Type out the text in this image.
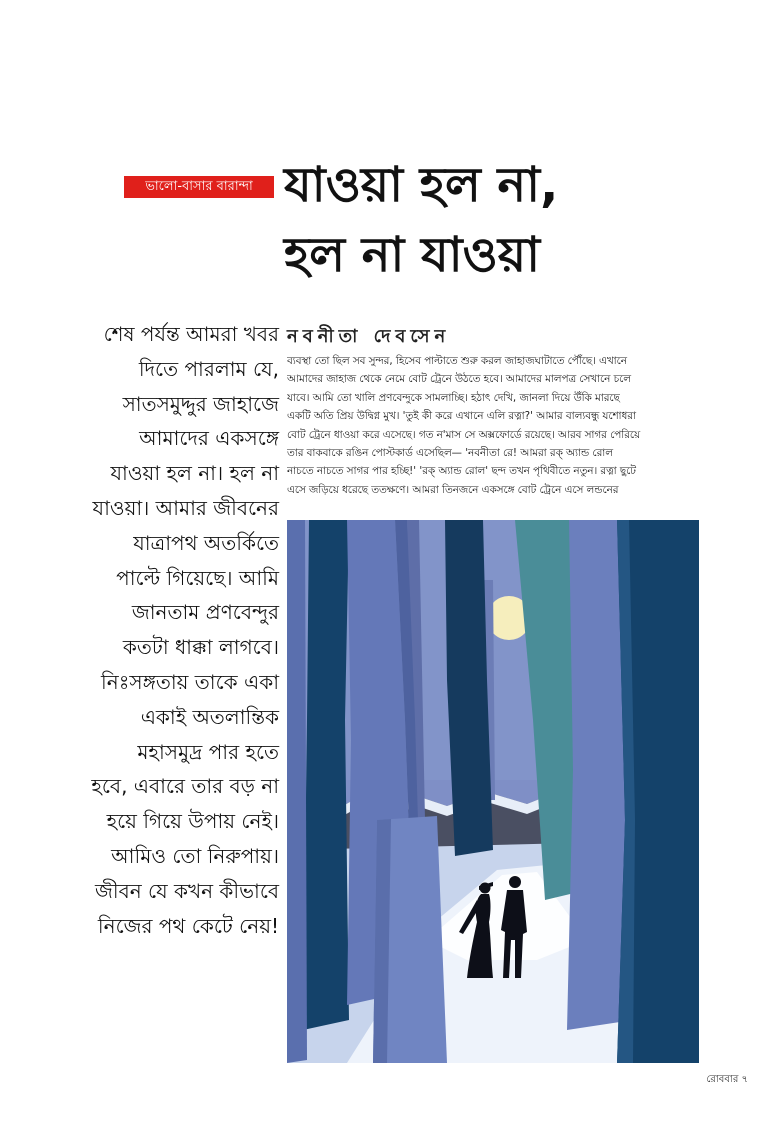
ভালো-বাসার বারান্দা যাওয়া হল না,
হল না যাওয়া
নবনীতা দেবসেন
শেষ পর্যন্ত আমরা খবর
দিতে পারলাম যে,
সাতসমুদ্দুর জাহাজে
আমাদের একসঙ্গে
যাওয়া হল না। হল না
যাওয়া। আমার জীবনের
যাত্রাপথ অতর্কিতে
পাল্টে গিয়েছে। আমি
জানতাম প্রণবেন্দুর
কতটা ধাক্কা লাগবে।
নিঃসঙ্গতায় তাকে একা
একাই অতলান্তিক
মহাসমুদ্র পার হতে
হবে, এবারে তার বড় না
হয়ে গিয়ে উপায় নেই।
আমিও তো নিরুপায়।
জীবন যে কখন কীভাবে
নিজের পথ কেটে নেয়!
ব্যবস্থা তো ছিল সব সুন্দর, হিসেব পাল্টাতে শুরু করল জাহাজঘাটাতে পৌঁছে। এখানে
আমাদের জাহাজ থেকে নেমে বোট ট্রেনে উঠতে হবে। আমাদের মালপত্র সেখানে চলে
যাবে। আমি তো খালি প্রণবেন্দুকে সামলাচ্ছি। হঠাৎ দেখি, জানলা দিয়ে উঁকি মারছে
একটি অতি প্রিয় উদ্বিগ্ন মুখ। 'তুই কী করে এখানে এলি রত্না?' আমার বাল্যবন্ধু যশোধরা
বোট ট্রেনে ধাওয়া করে এসেছে। গত ন'মাস সে অক্সফোর্ডে রয়েছে। আরব সাগর পেরিয়ে
তার বাকবাকে রঙিন পোস্টকার্ড এসেছিল— 'নবনীতা রে! আমরা রক্ অ্যান্ড রোল
নাচতে নাচতে সাগর পার হচ্ছি!' 'রক্ অ্যান্ড রোল' ছন্দ তখন পৃথিবীতে নতুন। রত্না ছুটে
এসে জড়িয়ে ধরেছে ততক্ষণে। আমরা তিনজনে একসঙ্গে বোট ট্রেনে এসে লন্ডনের
রোববার ৭
